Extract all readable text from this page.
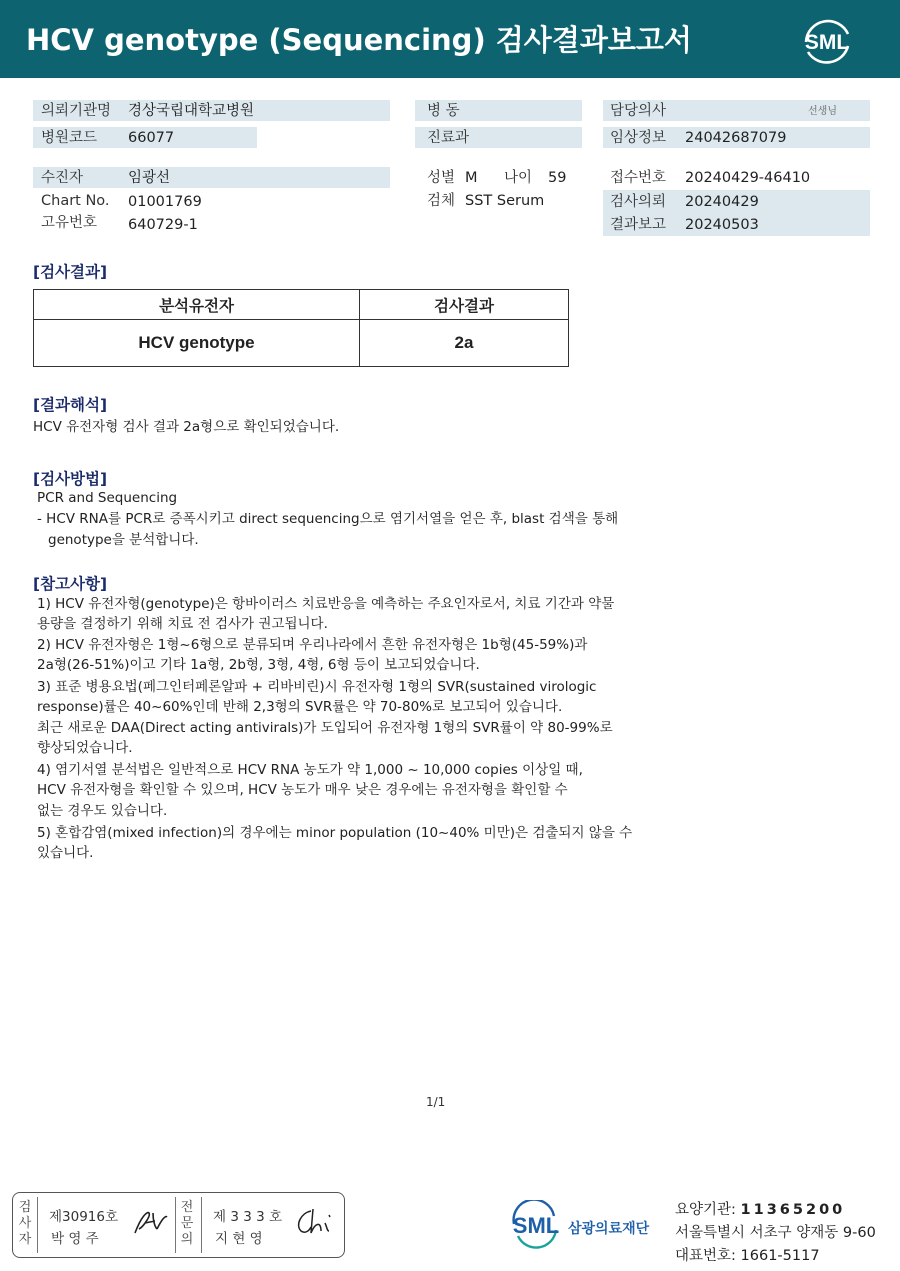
HCV genotype (Sequencing) 검사결과보고서	SML
의뢰기관명 경상국립대학교병원
병원코드 66077
병 동
진료과
담당의사	선생님
임상정보 24042687079
수진자	임광선
Chart No. 01001769
고유번호 640729-1
성별 M 나이 59
검체 SST Serum
접수번호 20240429-46410
검사의뢰 20240429
결과보고 20240503
[검사결과]
분석유전자	검사결과
HCV genotype	2a
[결과해석]
HCV 유전자형 검사 결과 2a형으로 확인되었습니다.
[검사방법]
PCR and Sequencing
- HCV RNA를 PCR로 증폭시키고 direct sequencing으로 염기서열을 얻은 후, blast 검색을 통해
genotype을 분석합니다.
[참고사항]
1) HCV 유전자형(genotype)은 항바이러스 치료반응을 예측하는 주요인자로서, 치료 기간과 약물
용량을 결정하기 위해 치료 전 검사가 권고됩니다.
2) HCV 유전자형은 1형~6형으로 분류되며 우리나라에서 흔한 유전자형은 1b형(45-59%)과
2a형(26-51%)이고 기타 1a형, 2b형, 3형, 4형, 6형 등이 보고되었습니다.
3) 표준 병용요법(페그인터페론알파 + 리바비린)시 유전자형 1형의 SVR(sustained virologic
response)률은 40~60%인데 반해 2,3형의 SVR률은 약 70-80%로 보고되어 있습니다.
최근 새로운 DAA(Direct acting antivirals)가 도입되어 유전자형 1형의 SVR률이 약 80-99%로
향상되었습니다.
4) 염기서열 분석법은 일반적으로 HCV RNA 농도가 약 1,000 ~ 10,000 copies 이상일 때,
HCV 유전자형을 확인할 수 있으며, HCV 농도가 매우 낮은 경우에는 유전자형을 확인할 수
없는 경우도 있습니다.
5) 혼합감염(mixed infection)의 경우에는 minor population (10~40% 미만)은 검출되지 않을 수
있습니다.
1/1
검
사
자
제30916호
박 영 주
전
문
의
제 3 3 3 호
지 현 영
SML 삼광의료재단
요양기관: 11365200
서울특별시 서초구 양재동 9-60
대표번호: 1661-5117
